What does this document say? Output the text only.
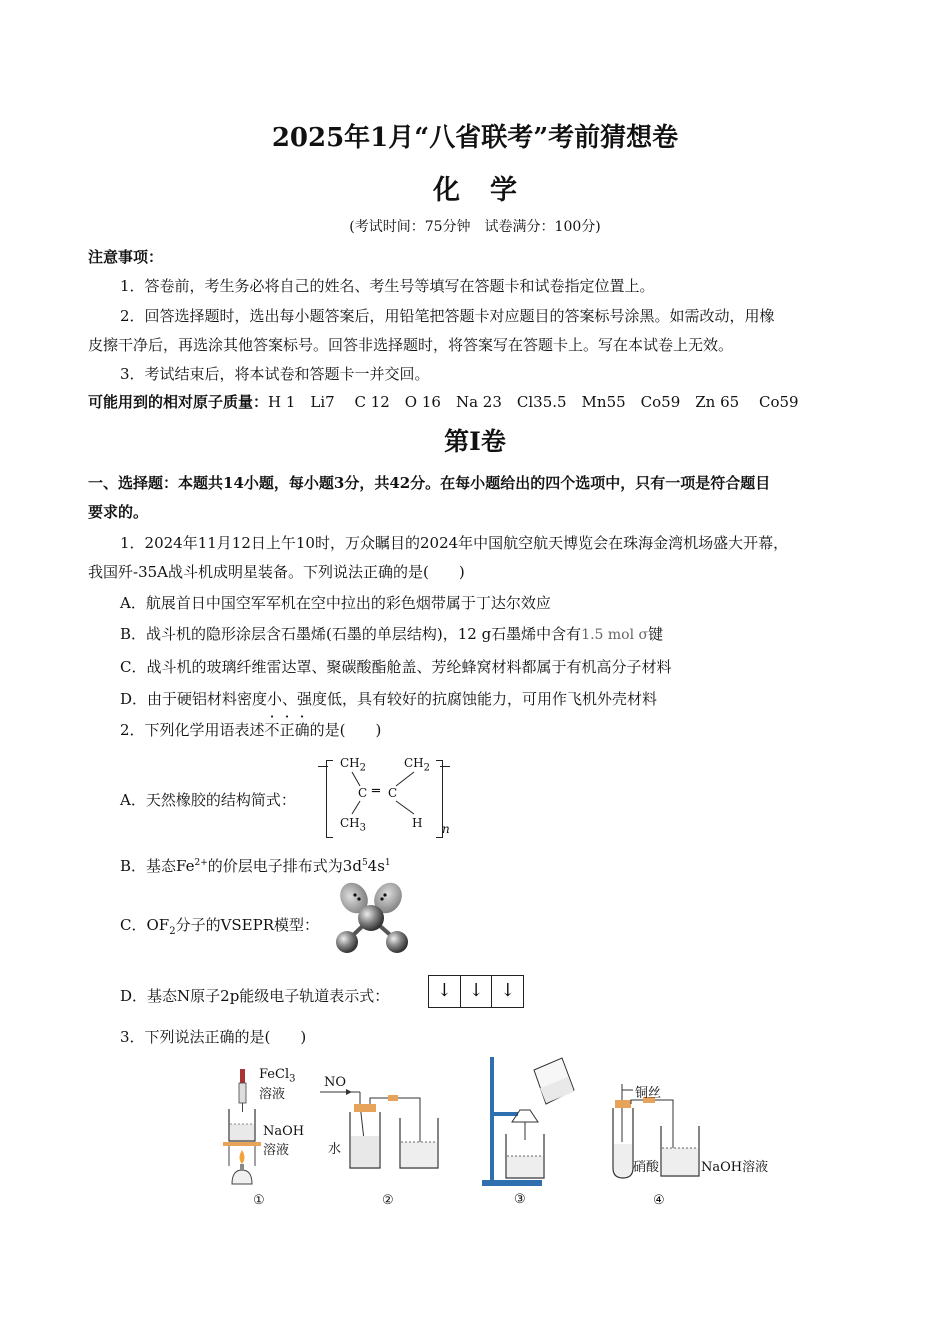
2025年1月“八省联考”考前猜想卷
化学
(考试时间：75分钟　试卷满分：100分)
注意事项：
1．答卷前，考生务必将自己的姓名、考生号等填写在答题卡和试卷指定位置上。
2．回答选择题时，选出每小题答案后，用铅笔把答题卡对应题目的答案标号涂黑。如需改动，用橡
皮擦干净后，再选涂其他答案标号。回答非选择题时，将答案写在答题卡上。写在本试卷上无效。
3．考试结束后，将本试卷和答题卡一并交回。
可能用到的相对原子质量：H 1　Li7　 C 12　O 16　Na 23　Cl35.5　Mn55　Co59　Zn 65　 Co59
第Ⅰ卷
一、选择题：本题共14小题，每小题3分，共42分。在每小题给出的四个选项中，只有一项是符合题目
要求的。
1．2024年11月12日上午10时，万众瞩目的2024年中国航空航天博览会在珠海金湾机场盛大开幕，
我国歼-35A战斗机成明星装备。下列说法正确的是(　　)
A．航展首日中国空军军机在空中拉出的彩色烟带属于丁达尔效应
B．战斗机的隐形涂层含石墨烯(石墨的单层结构)，12 g石墨烯中含有1.5 mol σ键
C．战斗机的玻璃纤维雷达罩、聚碳酸酯舱盖、芳纶蜂窝材料都属于有机高分子材料
D．由于硬铝材料密度小、强度低，具有较好的抗腐蚀能力，可用作飞机外壳材料
2．下列化学用语表述不正确的是(　　)
A．天然橡胶的结构简式：
$CH_2$	$CH_2$
C ═ C
$CH_3$	H n
B．基态$Fe^{2+}$的价层电子排布式为$3d^54s^1$
C．$OF_2$分子的VSEPR模型：
D．基态N原子2p能级电子轨道表示式：	↓ ↓ ↓
3．下列说法正确的是(　　)
FeCl$_3$
溶液
NaOH
溶液
①
NO
水
②	③
铜丝
硝酸	NaOH溶液
④
